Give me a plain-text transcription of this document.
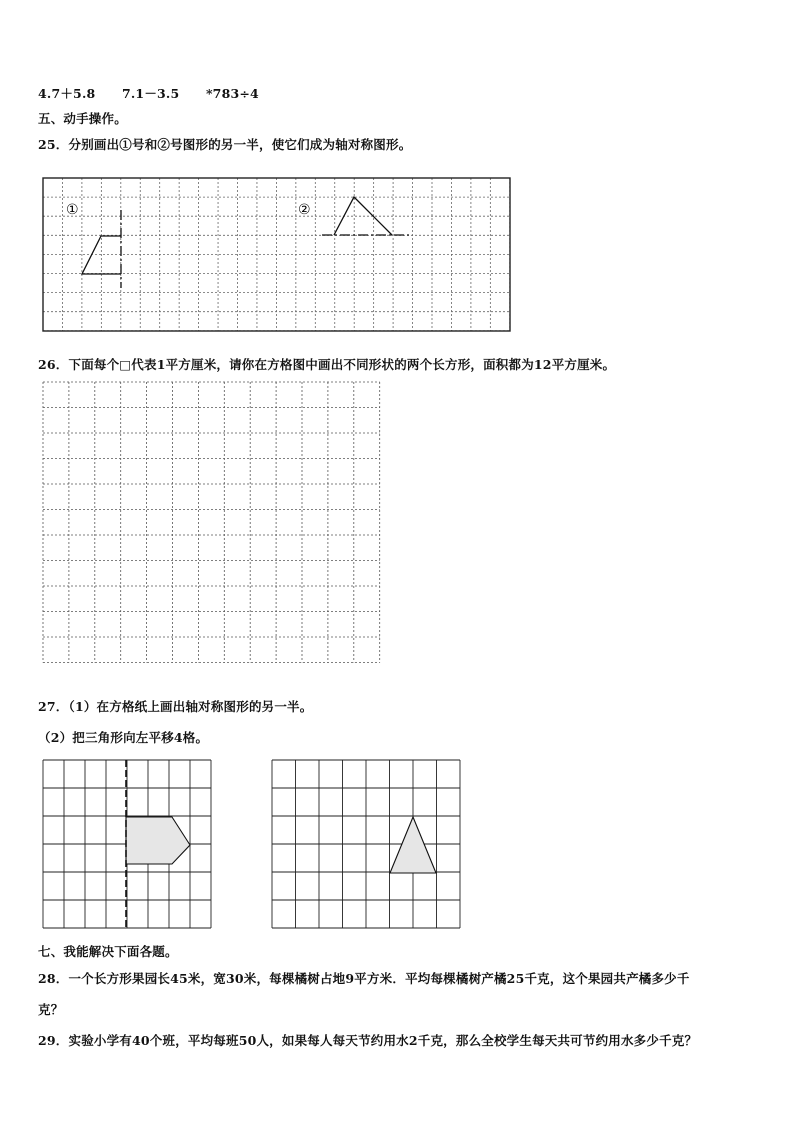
4.7＋5.8 7.1－3.5 *783÷4
五、动手操作。
25．分别画出①号和②号图形的另一半，使它们成为轴对称图形。
①	②
26．下面每个□代表1平方厘米，请你在方格图中画出不同形状的两个长方形，面积都为12平方厘米。
27．（1）在方格纸上画出轴对称图形的另一半。
（2）把三角形向左平移4格。
七、我能解决下面各题。
28．一个长方形果园长45米，宽30米，每棵橘树占地9平方米．平均每棵橘树产橘25千克，这个果园共产橘多少千
克？
29．实验小学有40个班，平均每班50人，如果每人每天节约用水2千克，那么全校学生每天共可节约用水多少千克？
